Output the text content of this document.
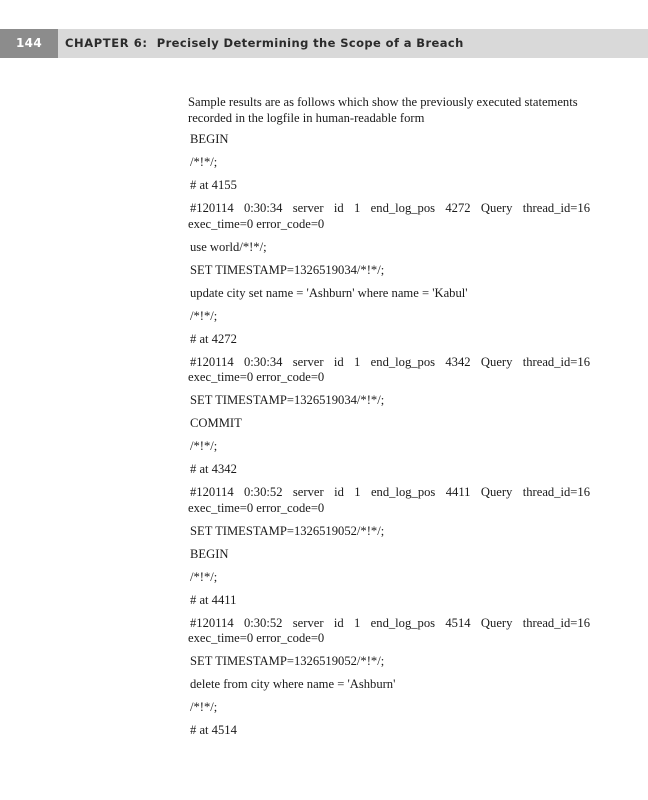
144	CHAPTER 6: Precisely Determining the Scope of a Breach

Sample results are as follows which show the previously executed statements recorded in the logfile in human-readable form

BEGIN
/*!*/;
# at 4155
#120114 0:30:34 server id 1 end_log_pos 4272 Query thread_id=16 exec_time=0 error_code=0
use world/*!*/;
SET TIMESTAMP=1326519034/*!*/;
update city set name = 'Ashburn' where name = 'Kabul'
/*!*/;
# at 4272
#120114 0:30:34 server id 1 end_log_pos 4342 Query thread_id=16 exec_time=0 error_code=0
SET TIMESTAMP=1326519034/*!*/;
COMMIT
/*!*/;
# at 4342
#120114 0:30:52 server id 1 end_log_pos 4411 Query thread_id=16 exec_time=0 error_code=0
SET TIMESTAMP=1326519052/*!*/;
BEGIN
/*!*/;
# at 4411
#120114 0:30:52 server id 1 end_log_pos 4514 Query thread_id=16 exec_time=0 error_code=0
SET TIMESTAMP=1326519052/*!*/;
delete from city where name = 'Ashburn'
/*!*/;
# at 4514
